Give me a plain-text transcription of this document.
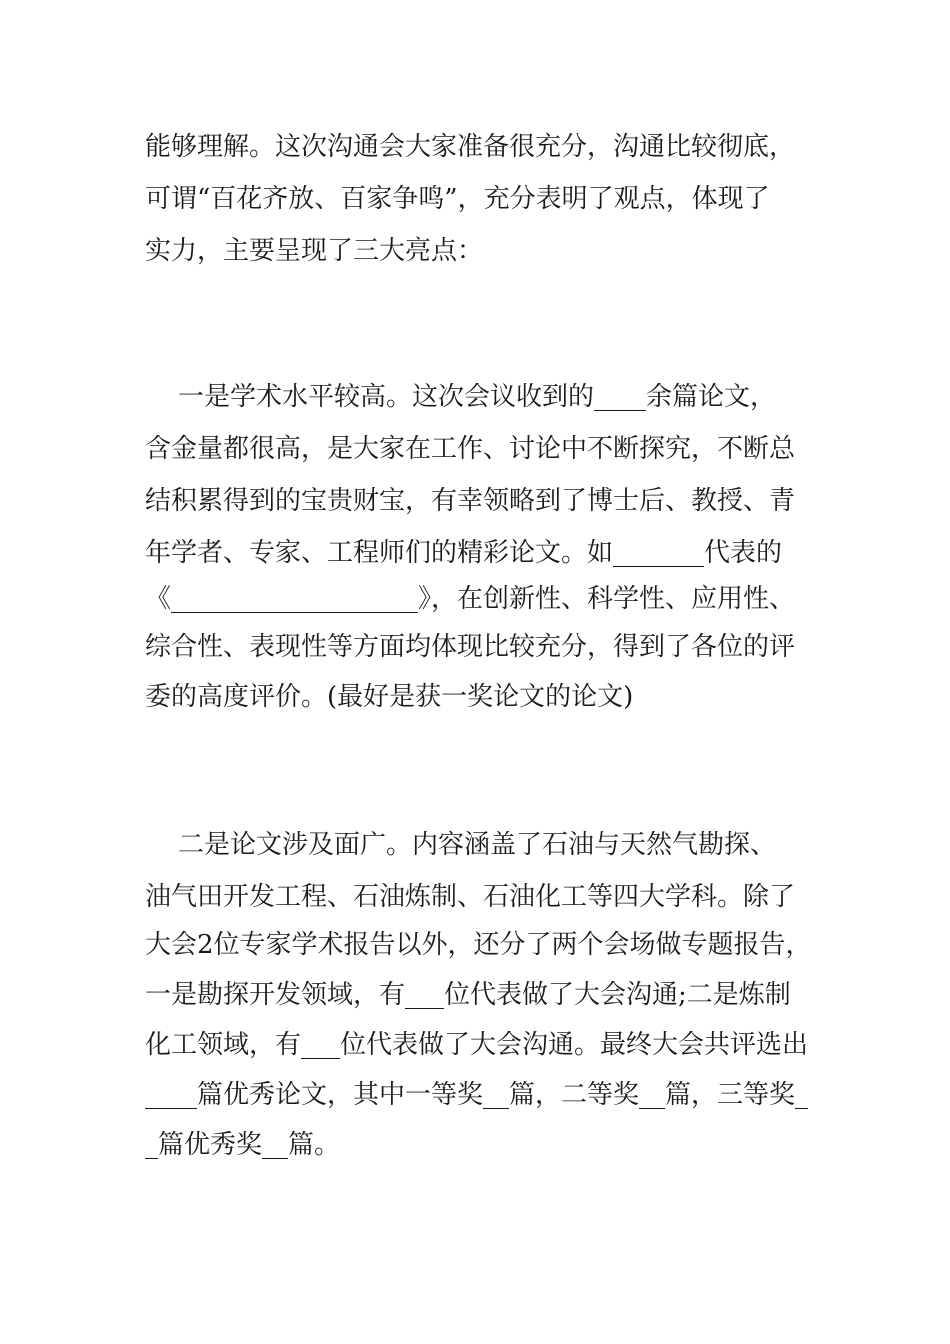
能够理解。这次沟通会大家准备很充分，沟通比较彻底，
可谓“百花齐放、百家争鸣”，充分表明了观点，体现了
实力，主要呈现了三大亮点：
一是学术水平较高。这次会议收到的____余篇论文，
含金量都很高，是大家在工作、讨论中不断探究，不断总
结积累得到的宝贵财宝，有幸领略到了博士后、教授、青
年学者、专家、工程师们的精彩论文。如_______代表的
《___________________》，在创新性、科学性、应用性、
综合性、表现性等方面均体现比较充分，得到了各位的评
委的高度评价。(最好是获一奖论文的论文)
二是论文涉及面广。内容涵盖了石油与天然气勘探、
油气田开发工程、石油炼制、石油化工等四大学科。除了
大会2位专家学术报告以外，还分了两个会场做专题报告，
一是勘探开发领域，有___位代表做了大会沟通;二是炼制
化工领域，有___位代表做了大会沟通。最终大会共评选出
____篇优秀论文，其中一等奖__篇，二等奖__篇，三等奖_
_篇优秀奖__篇。
